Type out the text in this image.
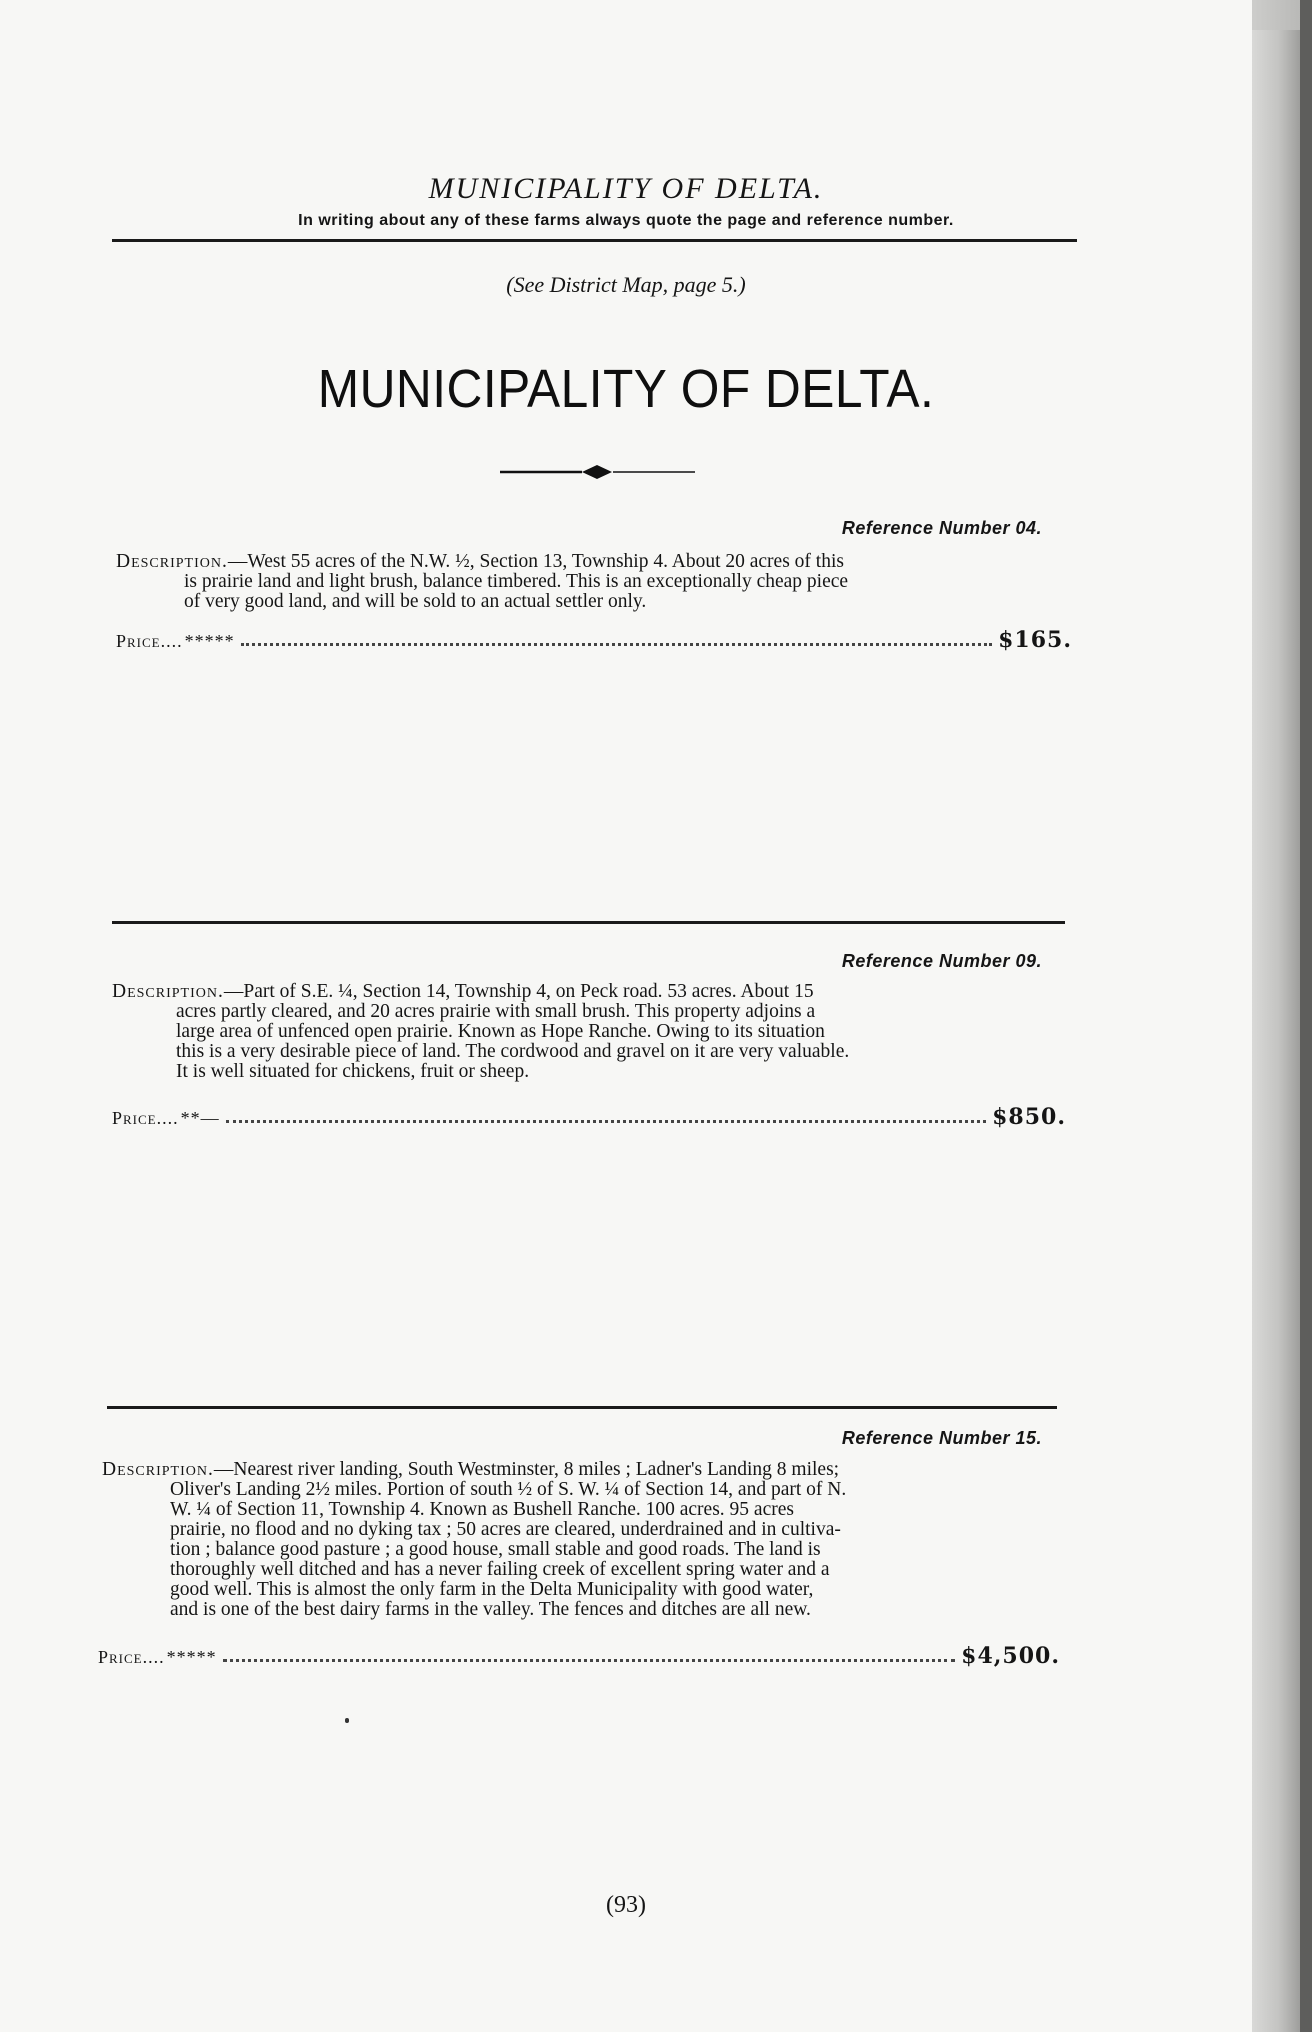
MUNICIPALITY OF DELTA.
In writing about any of these farms always quote the page and reference number.
(See District Map, page 5.)
MUNICIPALITY OF DELTA.
Reference Number 04.
Description.—West 55 acres of the N.W. ½, Section 13, Township 4. About 20 acres of this
is prairie land and light brush, balance timbered. This is an exceptionally cheap piece
of very good land, and will be sold to an actual settler only.
Price.... *****	$165.
Reference Number 09.
Description.—Part of S.E. ¼, Section 14, Township 4, on Peck road. 53 acres. About 15
acres partly cleared, and 20 acres prairie with small brush. This property adjoins a
large area of unfenced open prairie. Known as Hope Ranche. Owing to its situation
this is a very desirable piece of land. The cordwood and gravel on it are very valuable.
It is well situated for chickens, fruit or sheep.
Price.... **—	$850.
Reference Number 15.
Description.—Nearest river landing, South Westminster, 8 miles ; Ladner's Landing 8 miles;
Oliver's Landing 2½ miles. Portion of south ½ of S. W. ¼ of Section 14, and part of N.
W. ¼ of Section 11, Township 4. Known as Bushell Ranche. 100 acres. 95 acres
prairie, no flood and no dyking tax ; 50 acres are cleared, underdrained and in cultiva-
tion ; balance good pasture ; a good house, small stable and good roads. The land is
thoroughly well ditched and has a never failing creek of excellent spring water and a
good well. This is almost the only farm in the Delta Municipality with good water,
and is one of the best dairy farms in the valley. The fences and ditches are all new.
Price.... *****	$4,500.
(93)
